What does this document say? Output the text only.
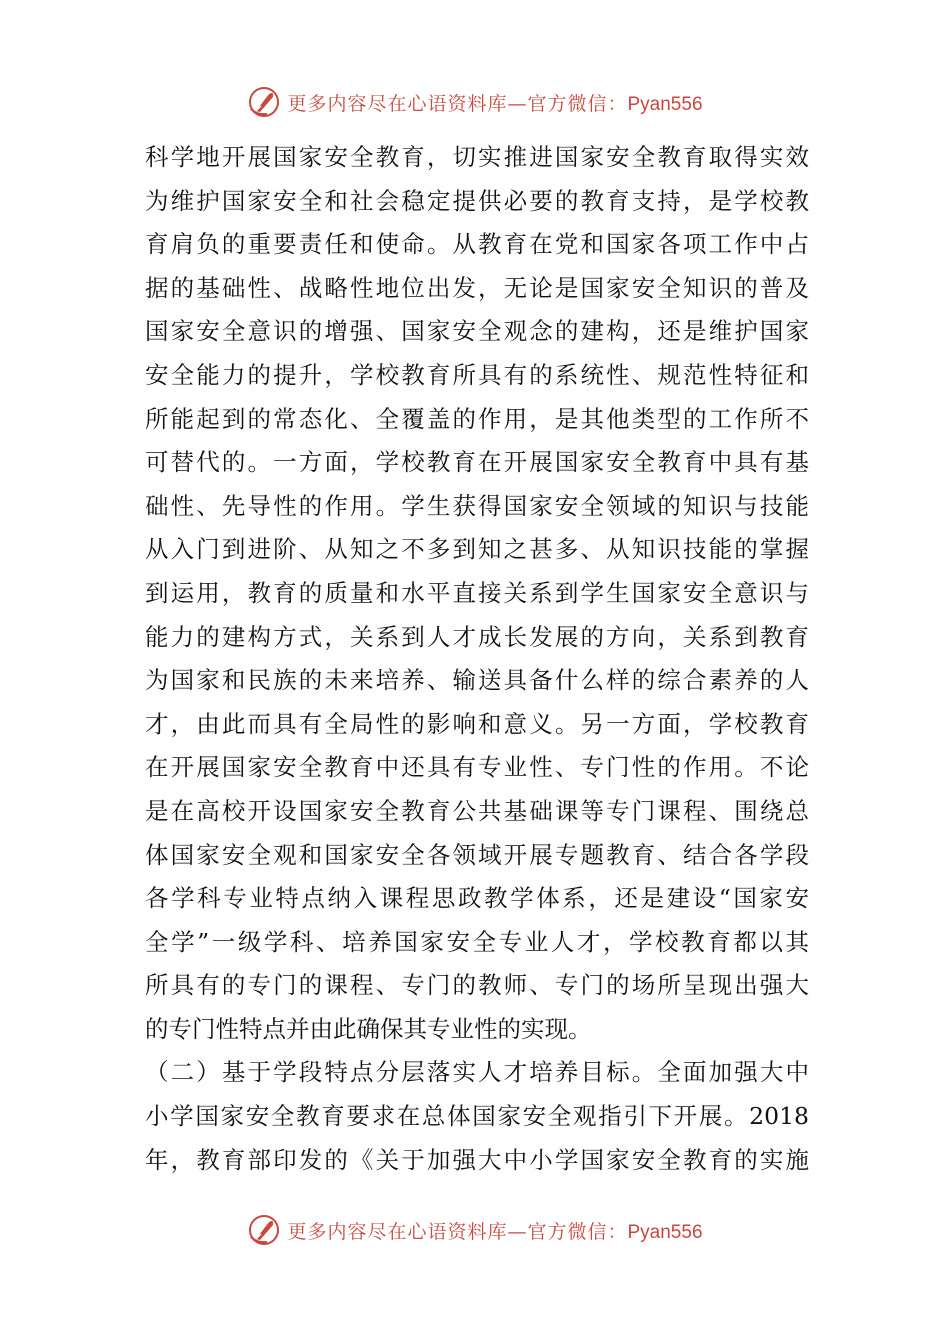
更多内容尽在心语资料库—官方微信：Pyan556
科学地开展国家安全教育，切实推进国家安全教育取得实效
为维护国家安全和社会稳定提供必要的教育支持，是学校教
育肩负的重要责任和使命。从教育在党和国家各项工作中占
据的基础性、战略性地位出发，无论是国家安全知识的普及
国家安全意识的增强、国家安全观念的建构，还是维护国家
安全能力的提升，学校教育所具有的系统性、规范性特征和
所能起到的常态化、全覆盖的作用，是其他类型的工作所不
可替代的。一方面，学校教育在开展国家安全教育中具有基
础性、先导性的作用。学生获得国家安全领域的知识与技能
从入门到进阶、从知之不多到知之甚多、从知识技能的掌握
到运用，教育的质量和水平直接关系到学生国家安全意识与
能力的建构方式，关系到人才成长发展的方向，关系到教育
为国家和民族的未来培养、输送具备什么样的综合素养的人
才，由此而具有全局性的影响和意义。另一方面，学校教育
在开展国家安全教育中还具有专业性、专门性的作用。不论
是在高校开设国家安全教育公共基础课等专门课程、围绕总
体国家安全观和国家安全各领域开展专题教育、结合各学段
各学科专业特点纳入课程思政教学体系，还是建设“国家安
全学”一级学科、培养国家安全专业人才，学校教育都以其
所具有的专门的课程、专门的教师、专门的场所呈现出强大
的专门性特点并由此确保其专业性的实现。
（二）基于学段特点分层落实人才培养目标。全面加强大中
小学国家安全教育要求在总体国家安全观指引下开展。2018
年，教育部印发的《关于加强大中小学国家安全教育的实施
更多内容尽在心语资料库—官方微信：Pyan556
